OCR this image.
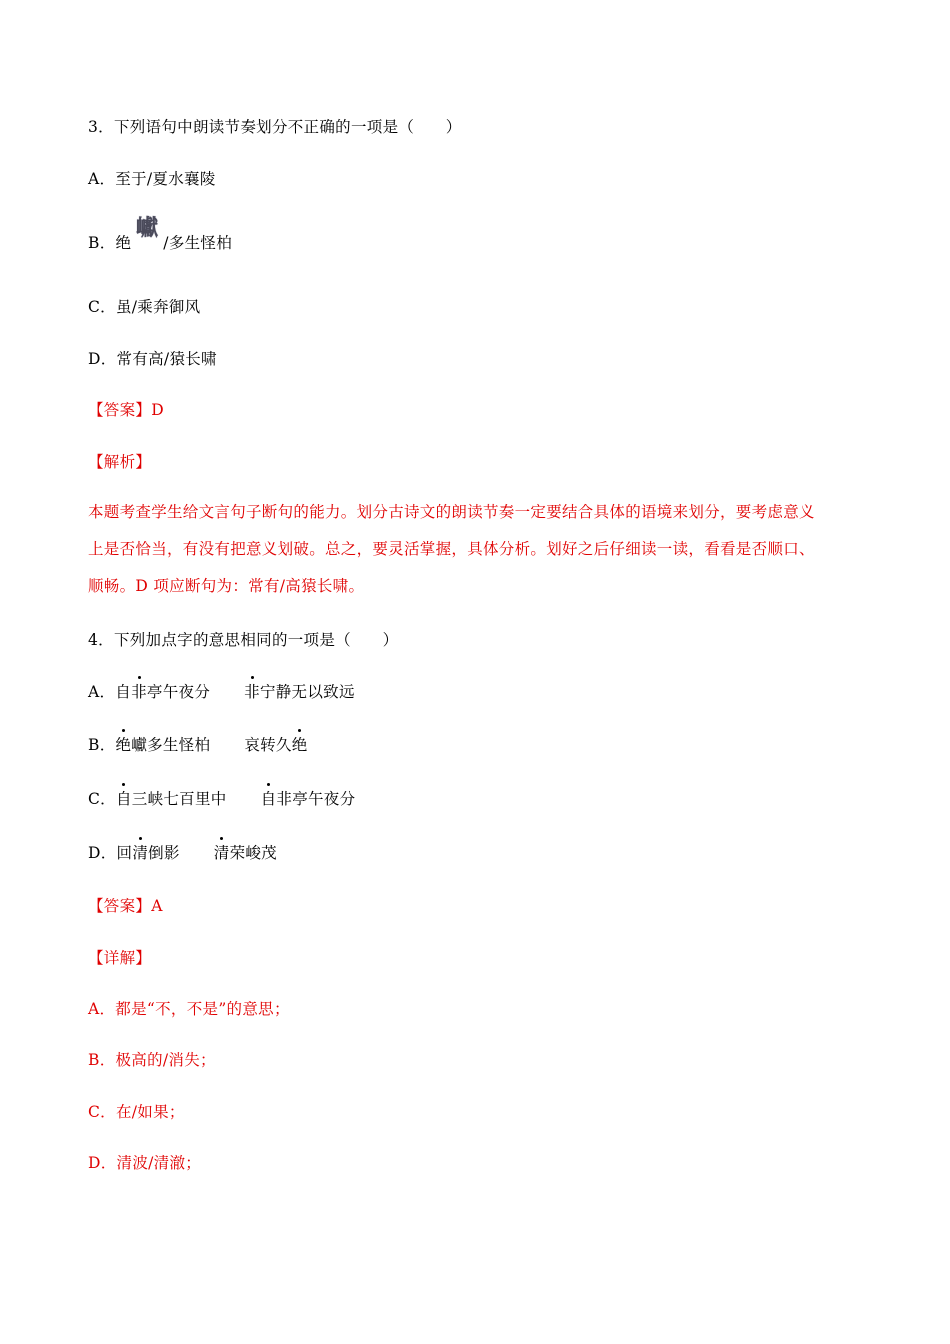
3．下列语句中朗读节奏划分不正确的一项是（　　）
A．至于/夏水襄陵
B．绝 /多生怪柏
巘
C．虽/乘奔御风
D．常有高/猿长啸
【答案】D
【解析】
本题考查学生给文言句子断句的能力。划分古诗文的朗读节奏一定要结合具体的语境来划分，要考虑意义
上是否恰当，有没有把意义划破。总之，要灵活掌握，具体分析。划好之后仔细读一读，看看是否顺口、
顺畅。D 项应断句为：常有/高猿长啸。
4．下列加点字的意思相同的一项是（　　）
A．自非亭午夜分 非宁静无以致远
B．绝巘多生怪柏 哀转久绝
C．自三峡七百里中 自非亭午夜分
D．回清倒影 清荣峻茂
【答案】A
【详解】
A．都是“不，不是”的意思；
B．极高的/消失；
C．在/如果；
D．清波/清澈；
